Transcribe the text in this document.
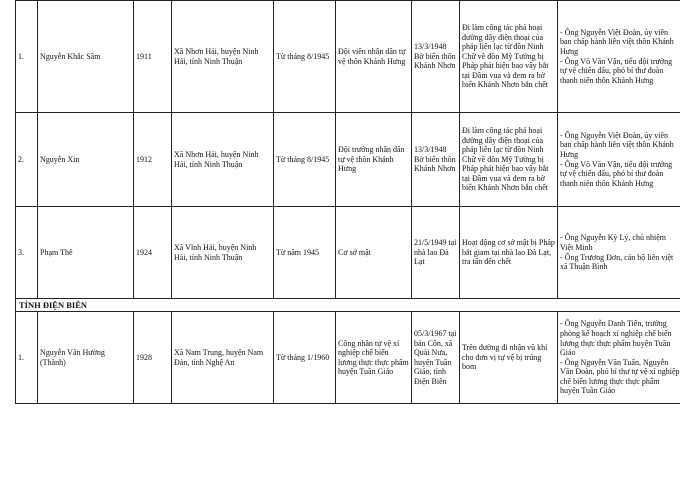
1.	Nguyễn Khắc Sâm	1911	Xã Nhơn Hải, huyện Ninh Hải, tỉnh Ninh Thuận	Từ tháng 8/1945	Đội viên nhân dân tự vệ thôn Khánh Hưng	13/3/1948 Bờ biển thôn Khánh Nhơn	Đi làm công tác phá hoại đường dây điện thoại của pháp liên lạc từ đồn Ninh Chữ về đồn Mỹ Tường bị Pháp phát hiện bao vây bắt tại Đầm vua và đem ra bờ biển Khánh Nhơn bắn chết	- Ông Nguyễn Việt Đoàn, ủy viên ban chấp hành liên việt thôn Khánh Hưng
- Ông Võ Văn Vận, tiểu đội trưởng tự vệ chiến đấu, phó bí thư đoàn thanh niên thôn Khánh Hưng

2.	Nguyễn Xin	1912	Xã Nhơn Hải, huyện Ninh Hải, tỉnh Ninh Thuận	Từ tháng 8/1945	Đội trưởng nhân dân tự vệ thôn Khánh Hưng	13/3/1948 Bờ biển thôn Khánh Nhơn	Đi làm công tác phá hoại đường dây điện thoại của pháp liên lạc từ đồn Ninh Chữ về đồn Mỹ Tường bị Pháp phát hiện bao vây bắt tại Đầm vua và đem ra bờ biển Khánh Nhơn bắn chết	- Ông Nguyễn Việt Đoàn, ủy viên ban chấp hành liên việt thôn Khánh Hưng
- Ông Võ Văn Vận, tiểu đội trưởng tự vệ chiến đấu, phó bí thư đoàn thanh niên thôn Khánh Hưng

3.	Phạm Thê	1924	Xã Vĩnh Hải, huyện Ninh Hải, tỉnh Ninh Thuận	Từ năm 1945	Cơ sở mật	21/5/1949 tại nhà lao Đà Lạt	Hoạt động cơ sở mật bị Pháp bắt giam tại nhà lao Đà Lạt, tra tấn đến chết	- Ông Nguyễn Kỳ Lý, chủ nhiệm Việt Minh
- Ông Trương Đơn, cán bộ liên việt xã Thuận Bình

TỈNH ĐIỆN BIÊN								
1.	Nguyễn Văn Hường (Thành)	1928	Xã Nam Trung, huyện Nam Đàn, tỉnh Nghệ An	Từ tháng 1/1960	Công nhân tự vệ xí nghiệp chế biến lương thực thực phẩm huyện Tuần Giáo	05/3/1967 tại bản Côn, xã Quài Nưa, huyện Tuần Giáo, tỉnh Điện Biên	Trên đường đi nhận vũ khí cho đơn vị tự vệ bị trúng bom	- Ông Nguyễn Danh Tiến, trưởng phòng kế hoạch xí nghiệp chế biến lương thực thực phẩm huyện Tuần Giáo
- Ông Nguyễn Văn Tuấn, Nguyễn Văn Đoàn, phó bí thư tự vệ xí nghiệp chế biến lương thực thực phẩm huyện Tuần Giáo
